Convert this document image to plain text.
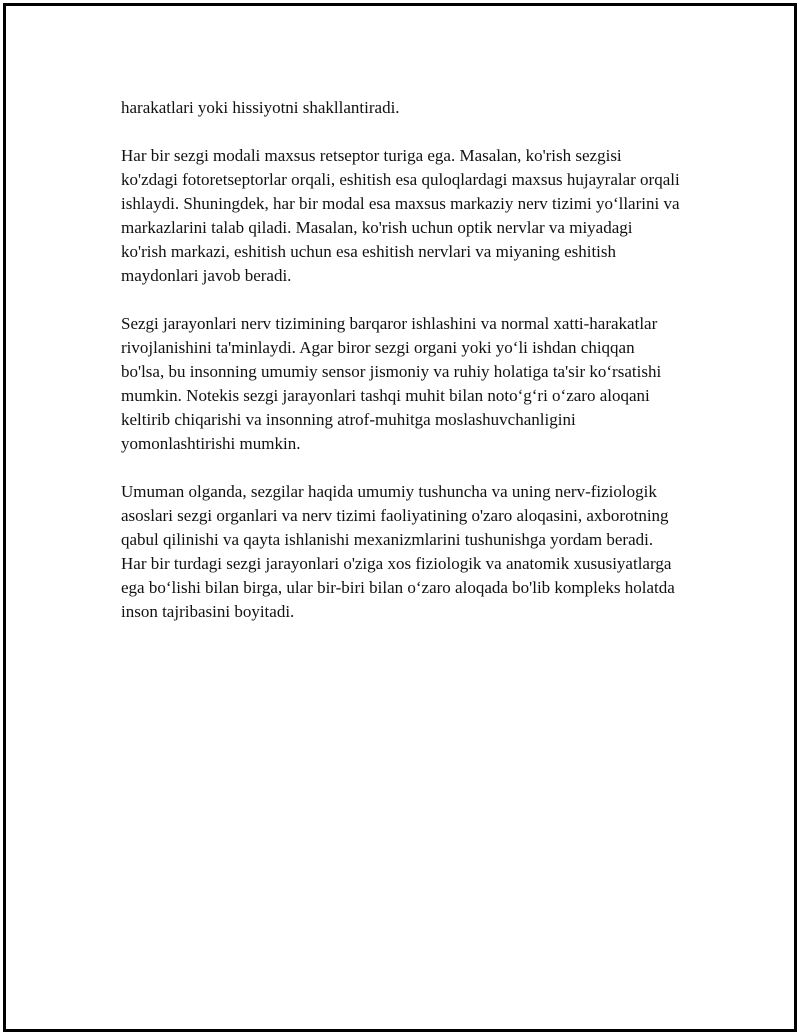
harakatlari yoki hissiyotni shakllantiradi.

Har bir sezgi modali maxsus retseptor turiga ega. Masalan, ko'rish sezgisi ko'zdagi fotoretseptorlar orqali, eshitish esa quloqlardagi maxsus hujayralar orqali ishlaydi. Shuningdek, har bir modal esa maxsus markaziy nerv tizimi yo‘llarini va markazlarini talab qiladi. Masalan, ko'rish uchun optik nervlar va miyadagi ko'rish markazi, eshitish uchun esa eshitish nervlari va miyaning eshitish maydonlari javob beradi.

Sezgi jarayonlari nerv tizimining barqaror ishlashini va normal xatti-harakatlar rivojlanishini ta'minlaydi. Agar biror sezgi organi yoki yo‘li ishdan chiqqan bo'lsa, bu insonning umumiy sensor jismoniy va ruhiy holatiga ta'sir ko‘rsatishi mumkin. Notekis sezgi jarayonlari tashqi muhit bilan noto‘g‘ri o‘zaro aloqani keltirib chiqarishi va insonning atrof-muhitga moslashuvchanligini yomonlashtirishi mumkin.

Umuman olganda, sezgilar haqida umumiy tushuncha va uning nerv-fiziologik asoslari sezgi organlari va nerv tizimi faoliyatining o'zaro aloqasini, axborotning qabul qilinishi va qayta ishlanishi mexanizmlarini tushunishga yordam beradi. Har bir turdagi sezgi jarayonlari o'ziga xos fiziologik va anatomik xususiyatlarga ega bo‘lishi bilan birga, ular bir-biri bilan o‘zaro aloqada bo'lib kompleks holatda inson tajribasini boyitadi.
